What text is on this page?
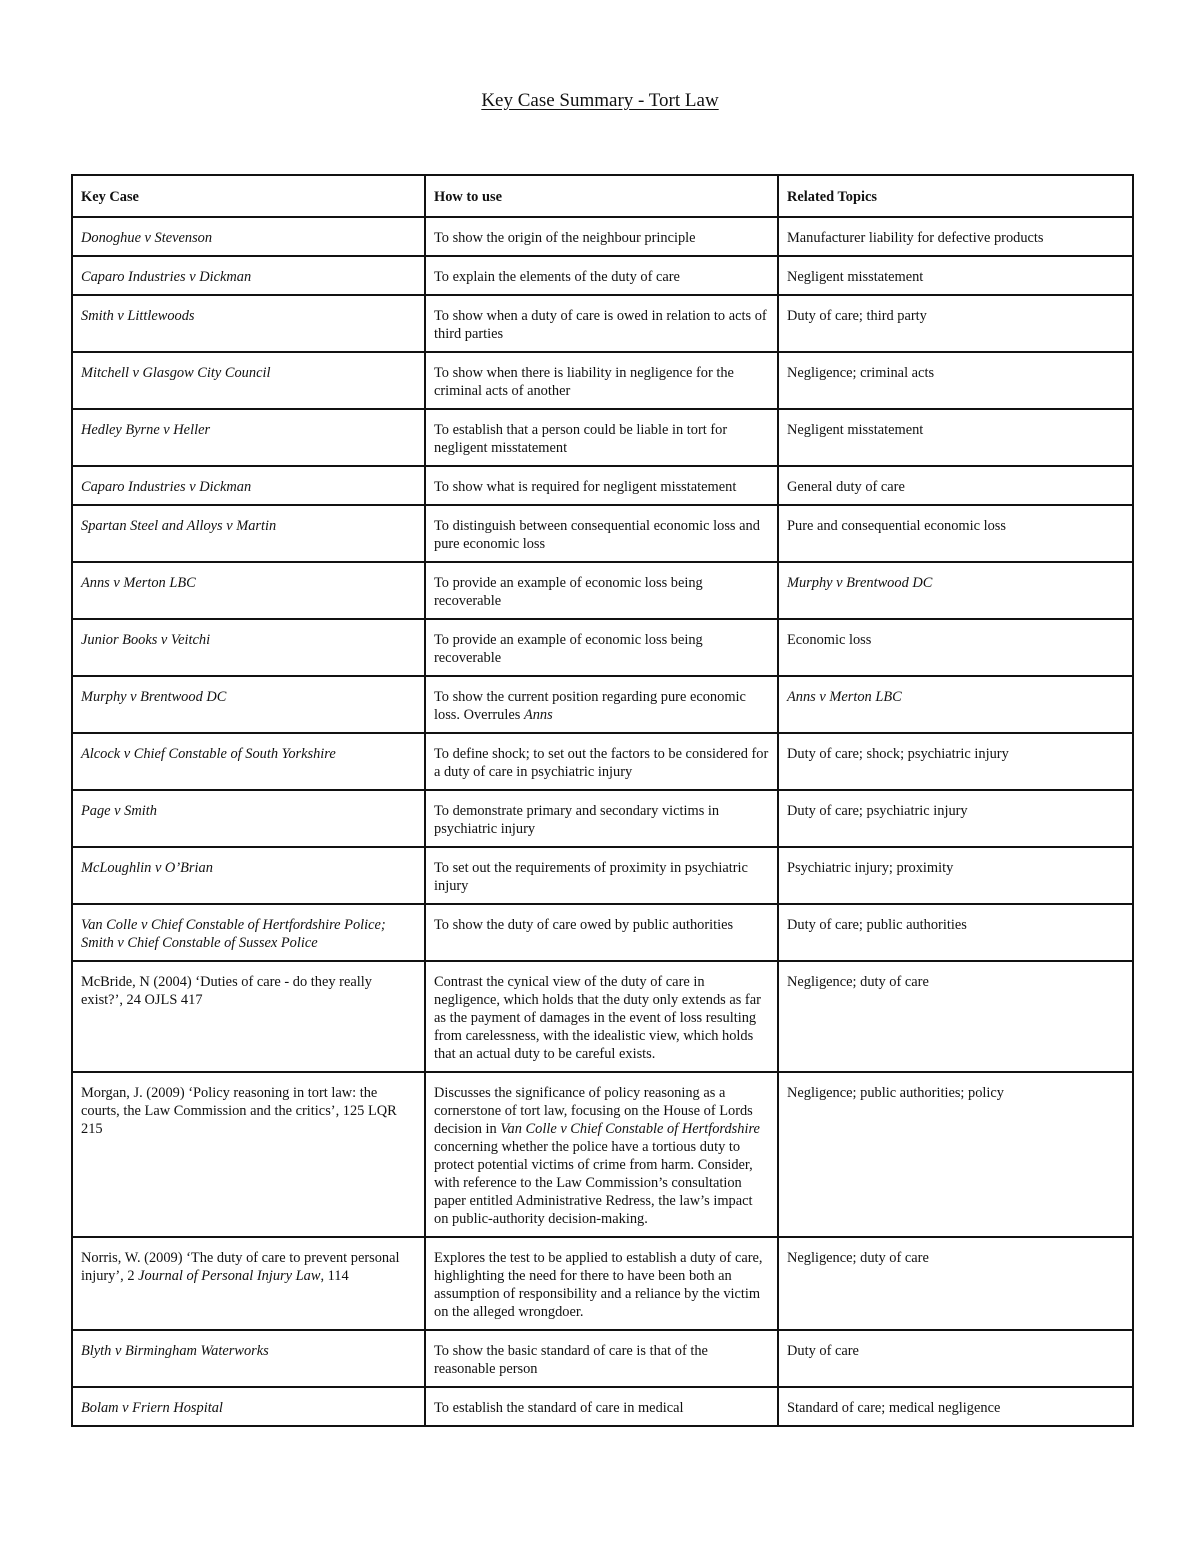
Key Case Summary - Tort Law
Key Case	How to use	Related Topics
Donoghue v Stevenson	To show the origin of the neighbour principle	Manufacturer liability for defective products
Caparo Industries v Dickman	To explain the elements of the duty of care	Negligent misstatement
Smith v Littlewoods	To show when a duty of care is owed in relation to acts of third parties	Duty of care; third party
Mitchell v Glasgow City Council	To show when there is liability in negligence for the criminal acts of another	Negligence; criminal acts
Hedley Byrne v Heller	To establish that a person could be liable in tort for negligent misstatement	Negligent misstatement
Caparo Industries v Dickman	To show what is required for negligent misstatement	General duty of care
Spartan Steel and Alloys v Martin	To distinguish between consequential economic loss and pure economic loss	Pure and consequential economic loss
Anns v Merton LBC	To provide an example of economic loss being recoverable	Murphy v Brentwood DC
Junior Books v Veitchi	To provide an example of economic loss being recoverable	Economic loss
Murphy v Brentwood DC	To show the current position regarding pure economic loss. Overrules Anns	Anns v Merton LBC
Alcock v Chief Constable of South Yorkshire	To define shock; to set out the factors to be considered for a duty of care in psychiatric injury	Duty of care; shock; psychiatric injury
Page v Smith	To demonstrate primary and secondary victims in psychiatric injury	Duty of care; psychiatric injury
McLoughlin v O’Brian	To set out the requirements of proximity in psychiatric injury	Psychiatric injury; proximity
Van Colle v Chief Constable of Hertfordshire Police; Smith v Chief Constable of Sussex Police	To show the duty of care owed by public authorities	Duty of care; public authorities
McBride, N (2004) ‘Duties of care - do they really exist?’, 24 OJLS 417	Contrast the cynical view of the duty of care in negligence, which holds that the duty only extends as far as the payment of damages in the event of loss resulting from carelessness, with the idealistic view, which holds that an actual duty to be careful exists.	Negligence; duty of care
Morgan, J. (2009) ‘Policy reasoning in tort law: the courts, the Law Commission and the critics’, 125 LQR 215	Discusses the significance of policy reasoning as a cornerstone of tort law, focusing on the House of Lords decision in Van Colle v Chief Constable of Hertfordshire concerning whether the police have a tortious duty to protect potential victims of crime from harm. Consider, with reference to the Law Commission’s consultation paper entitled Administrative Redress, the law’s impact on public-authority decision-making.	Negligence; public authorities; policy
Norris, W. (2009) ‘The duty of care to prevent personal injury’, 2 Journal of Personal Injury Law, 114	Explores the test to be applied to establish a duty of care, highlighting the need for there to have been both an assumption of responsibility and a reliance by the victim on the alleged wrongdoer.	Negligence; duty of care
Blyth v Birmingham Waterworks	To show the basic standard of care is that of the reasonable person	Duty of care
Bolam v Friern Hospital	To establish the standard of care in medical	Standard of care; medical negligence
